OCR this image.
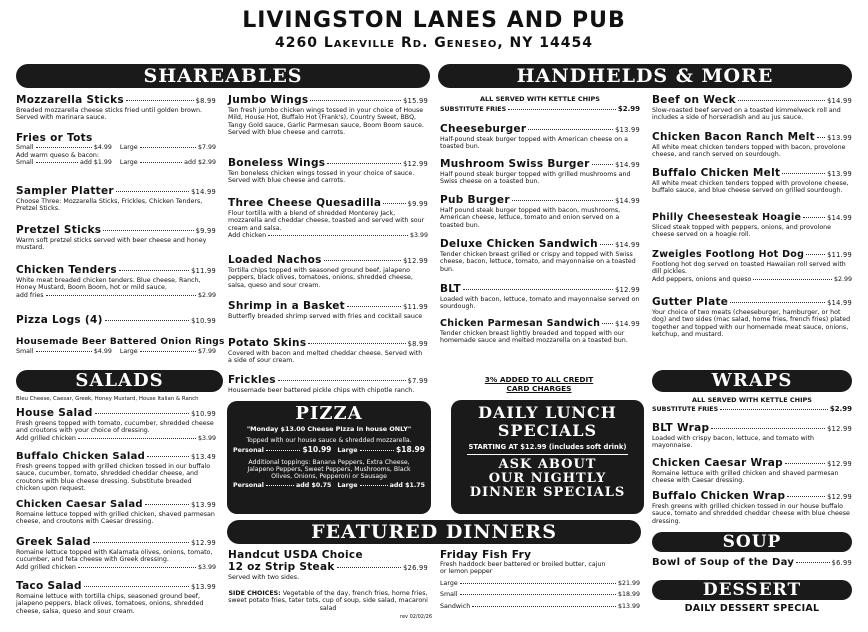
LIVINGSTON LANES AND PUB
4260 Lakeville Rd. Geneseo, NY 14454
SHAREABLES	HANDHELDS & MORE
SALADS	WRAPS
FEATURED DINNERS	SOUP
DESSERT
Mozzarella Sticks	$8.99
Breaded mozzarella cheese sticks fried until golden brown. Served with marinara sauce.
Fries or Tots
Small	$4.99 Large	$7.99
Add warm queso & bacon:
Small	add $1.99 Large	add $2.99
Sampler Platter	$14.99
Choose Three: Mozzarella Sticks, Frickles, Chicken Tenders, Pretzel Sticks.
Pretzel Sticks	$9.99
Warm soft pretzel sticks served with beer cheese and honey mustard.
Chicken Tenders	$11.99
White meat breaded chicken tenders. Blue cheese, Ranch, Honey Mustard, Boom Boom, hot or mild sauce.
add fries	$2.99
Pizza Logs (4)	$10.99
Housemade Beer Battered Onion Rings
Small	$4.99 Large	$7.99
Jumbo Wings	$15.99
Ten fresh jumbo chicken wings tossed in your choice of House Mild, House Hot, Buffalo Hot (Frank's), Country Sweet, BBQ, Tangy Gold sauce, Garlic Parmesan sauce, Boom Boom sauce. Served with blue cheese and carrots.
Boneless Wings	$12.99
Ten boneless chicken wings tossed in your choice of sauce. Served with blue cheese and carrots.
Three Cheese Quesadilla	$9.99
Flour tortilla with a blend of shredded Monterey Jack, mozzarella and cheddar cheese, toasted and served with sour cream and salsa.
Add chicken	$3.99
Loaded Nachos	$12.99
Tortilla chips topped with seasoned ground beef, jalapeno peppers, black olives, tomatoes, onions, shredded cheese, salsa, queso and sour cream.
Shrimp in a Basket	$11.99
Butterfly breaded shrimp served with fries and cocktail sauce
Potato Skins	$8.99
Covered with bacon and melted cheddar cheese. Served with a side of sour cream.
Frickles	$7.99
Housemade beer battered pickle chips with chipotle ranch.
ALL SERVED WITH KETTLE CHIPS
SUBSTITUTE FRIES	$2.99
Cheeseburger	$13.99
Half-pound steak burger topped with American cheese on a toasted bun.
Mushroom Swiss Burger	$14.99
Half pound steak burger topped with grilled mushrooms and Swiss cheese on a toasted bun.
Pub Burger	$14.99
Half pound steak burger topped with bacon, mushrooms, American cheese, lettuce, tomato and onion served on a toasted bun.
Deluxe Chicken Sandwich	$14.99
Tender chicken breast grilled or crispy and topped with Swiss cheese, bacon, lettuce, tomato, and mayonnaise on a toasted bun.
BLT	$12.99
Loaded with bacon, lettuce, tomato and mayonnaise served on sourdough.
Chicken Parmesan Sandwich $14.99
Tender chicken breast lightly breaded and topped with our homemade sauce and melted mozzarella on a toasted bun.
Beef on Weck	$14.99
Slow-roasted beef served on a toasted kimmelweck roll and includes a side of horseradish and au jus sauce.
Chicken Bacon Ranch Melt $13.99
All white meat chicken tenders topped with bacon, provolone cheese, and ranch served on sourdough.
Buffalo Chicken Melt	$13.99
All white meat chicken tenders topped with provolone cheese, buffalo sauce, and blue cheese served on grilled sourdough.
Philly Cheesesteak Hoagie	$14.99
Sliced steak topped with peppers, onions, and provolone cheese served on a hoagie roll.
Zweigles Footlong Hot Dog	$11.99
Footlong hot dog served on toasted Hawaiian roll served with dill pickles.
Add peppers, onions and queso	$2.99
Gutter Plate	$14.99
Your choice of two meats (cheeseburger, hamburger, or hot dog) and two sides (mac salad, home fries, french fries) plated together and topped with our homemade meat sauce, onions, ketchup, and mustard.
Bleu Cheese, Caesar, Greek, Honey Mustard, House Italian & Ranch
House Salad	$10.99
Fresh greens topped with tomato, cucumber, shredded cheese and croutons with your choice of dressing.
Add grilled chicken	$3.99
Buffalo Chicken Salad	$13.49
Fresh greens topped with grilled chicken tossed in our buffalo sauce, cucumber, tomato, shredded cheddar cheese, and croutons with blue cheese dressing. Substitute breaded chicken upon request.
Chicken Caesar Salad	$13.99
Romaine lettuce topped with grilled chicken, shaved parmesan cheese, and croutons with Caesar dressing.
Greek Salad	$12.99
Romaine lettuce topped with Kalamata olives, onions, tomato, cucumber, and feta cheese with Greek dressing.
Add grilled chicken	$3.99
Taco Salad	$13.99
Romaine lettuce with tortilla chips, seasoned ground beef, jalapeno peppers, black olives, tomatoes, onions, shredded cheese, salsa, queso and sour cream.
PIZZA
"Monday $13.00 Cheese Pizza in house ONLY"
Topped with our house sauce & shredded mozzarella.
Personal	$10.99 Large	$18.99
Additional toppings: Banana Peppers, Extra Cheese, Jalapeno Peppers, Sweet Peppers, Mushrooms, Black Olives, Onions, Pepperoni or Sausage
Personal	add $0.75 Large	add $1.75
3% ADDED TO ALL CREDIT CARD CHARGES
DAILY LUNCH
SPECIALS
STARTING AT $12.99 (includes soft drink)
ASK ABOUT
OUR NIGHTLY
DINNER SPECIALS
ALL SERVED WITH KETTLE CHIPS
SUBSTITUTE FRIES	$2.99
BLT Wrap	$12.99
Loaded with crispy bacon, lettuce, and tomato with mayonnaise.
Chicken Caesar Wrap	$12.99
Romaine lettuce with grilled chicken and shaved parmesan cheese with Caesar dressing.
Buffalo Chicken Wrap	$12.99
Fresh greens with grilled chicken tossed in our house buffalo sauce, tomato and shredded cheddar cheese with blue cheese dressing.
Handcut USDA Choice
12 oz Strip Steak	$26.99
Served with two sides.
SIDE CHOICES: Vegetable of the day, french fries, home fries, sweet potato fries, tater tots, cup of soup, side salad, macaroni salad
Friday Fish Fry
Fresh haddock beer battered or broiled butter, cajun or lemon pepper
Large	$21.99
Small	$18.99
Sandwich	$13.99
rev 02/02/26
Bowl of Soup of the Day	$6.99
DAILY DESSERT SPECIAL
